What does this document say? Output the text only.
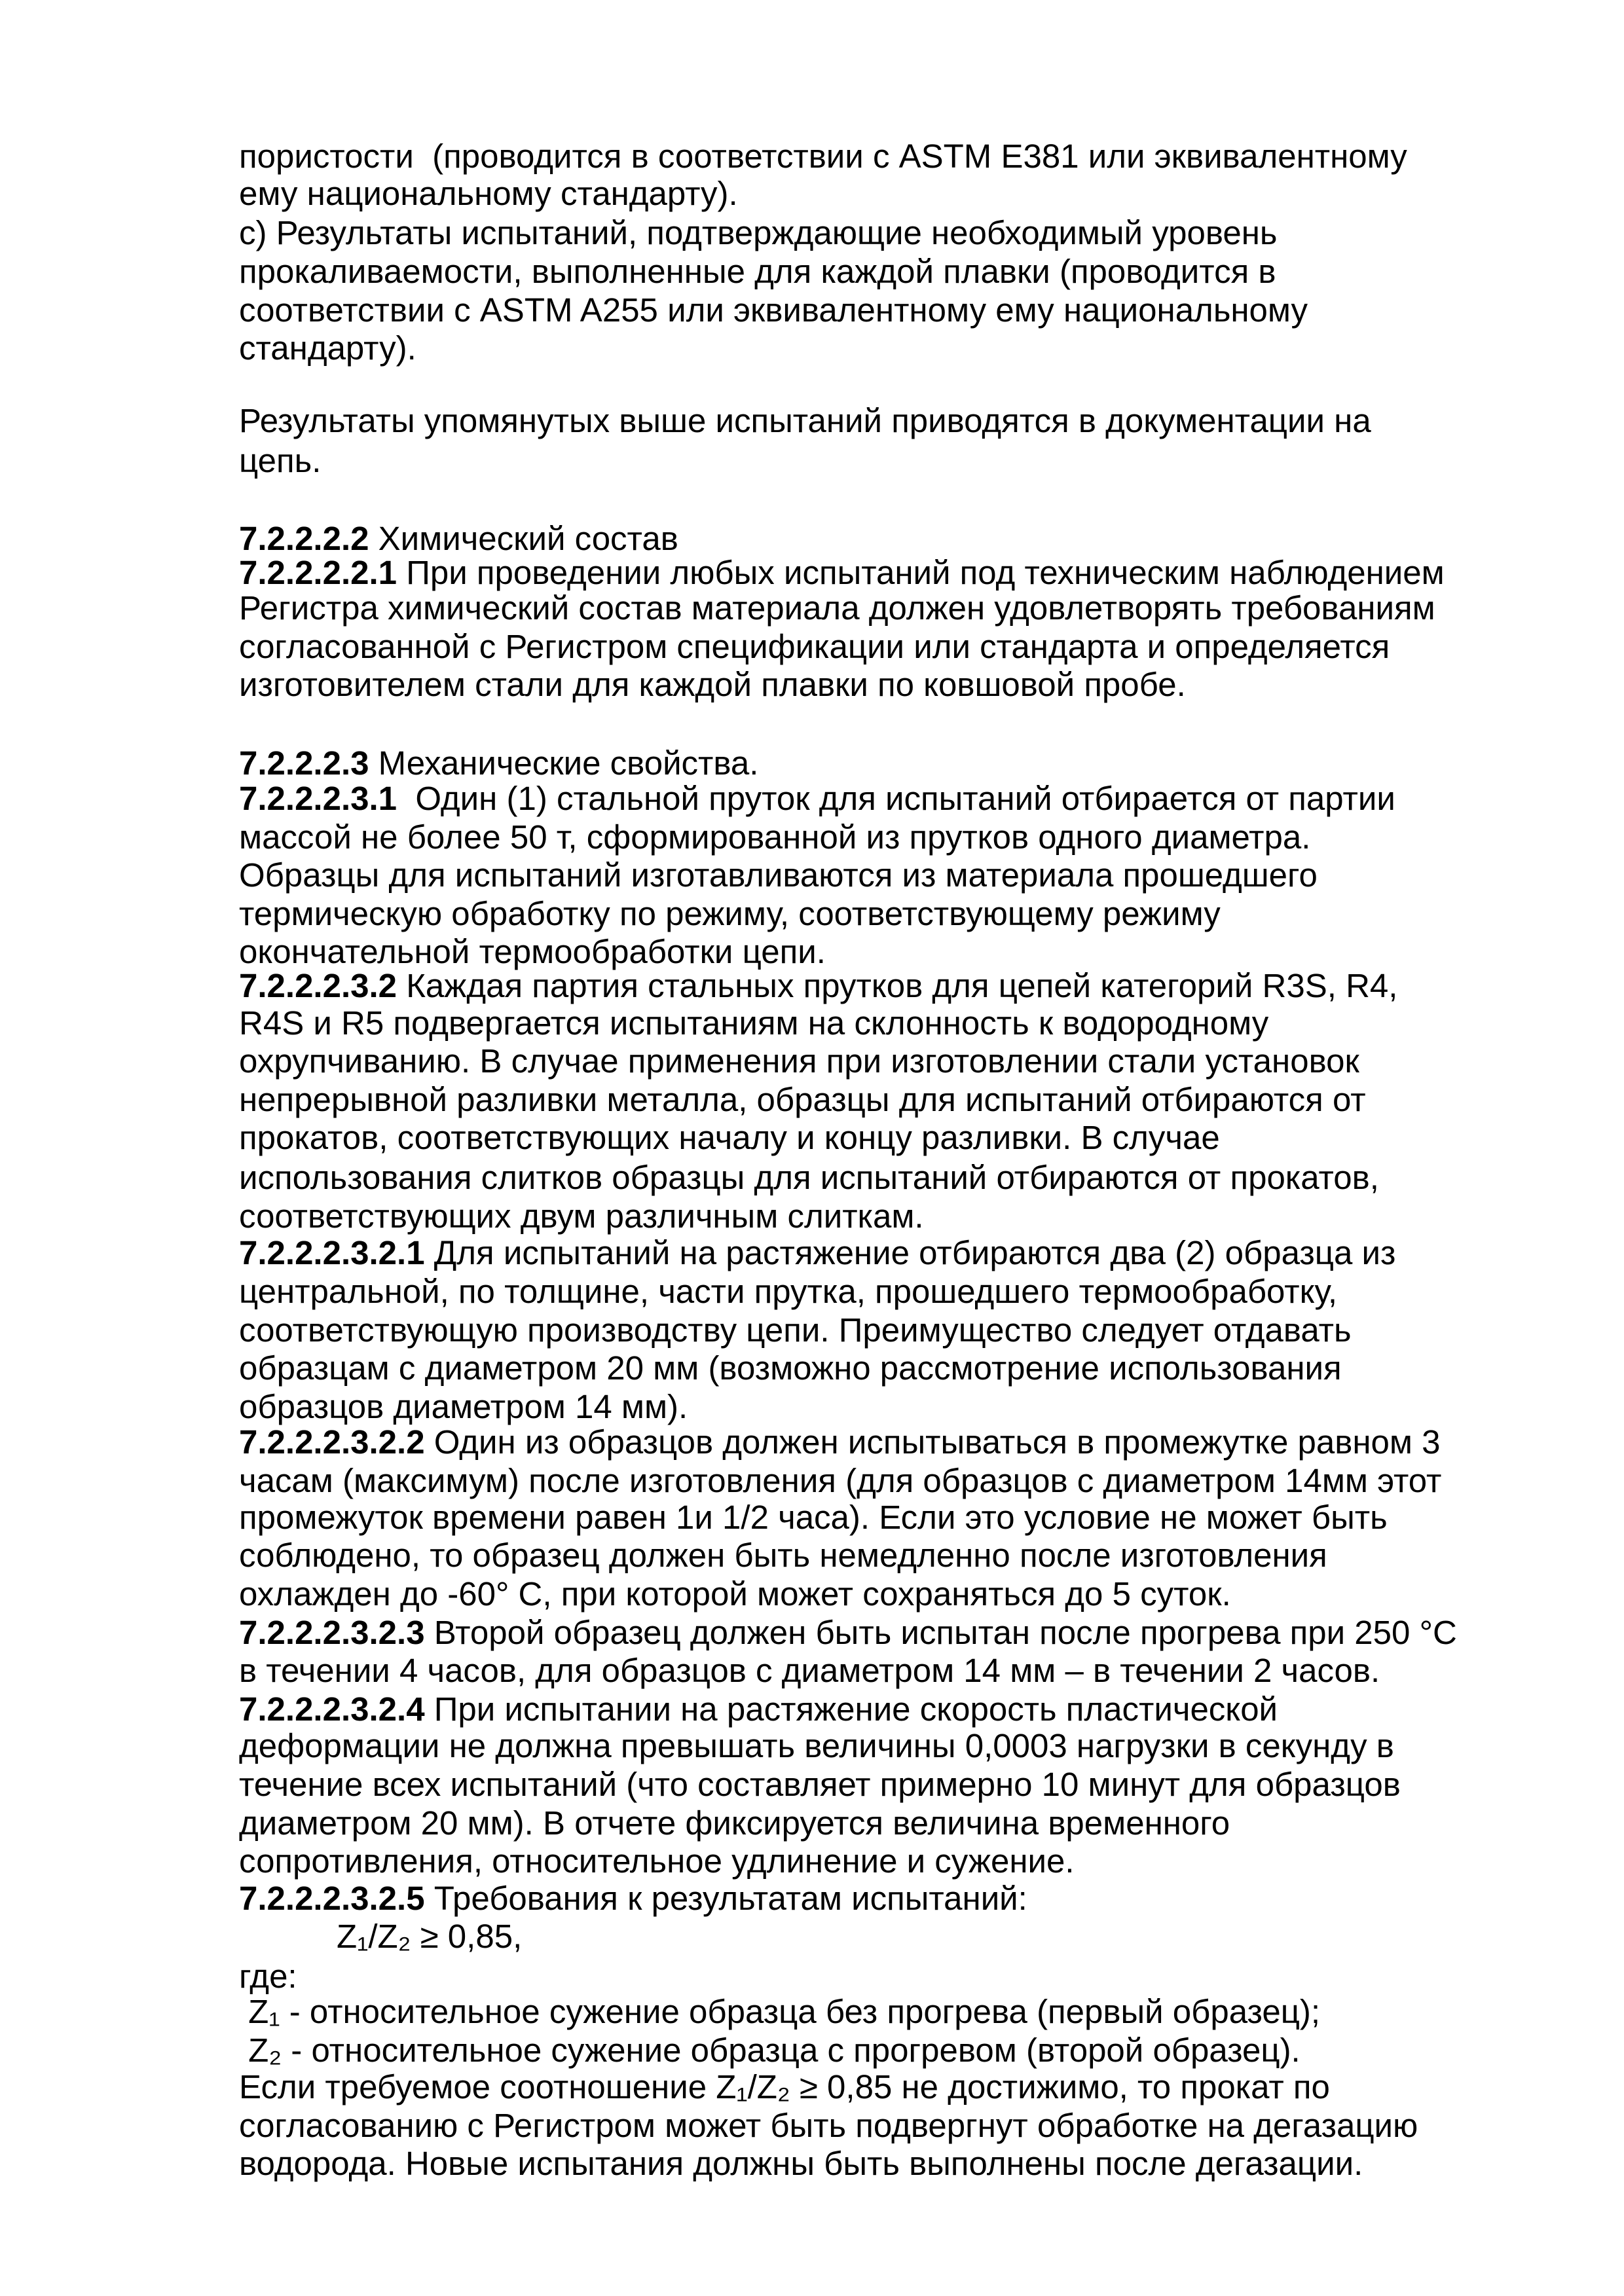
пористости  (проводится в соответствии с ASTM E381 или эквивалентному
ему национальному стандарту).
c) Результаты испытаний, подтверждающие необходимый уровень
прокаливаемости, выполненные для каждой плавки (проводится в
соответствии с ASTM A255 или эквивалентному ему национальному
стандарту).
Результаты упомянутых выше испытаний приводятся в документации на
цепь.
7.2.2.2.2 Химический состав
7.2.2.2.2.1 При проведении любых испытаний под техническим наблюдением
Регистра химический состав материала должен удовлетворять требованиям
согласованной с Регистром спецификации или стандарта и определяется
изготовителем стали для каждой плавки по ковшовой пробе.
7.2.2.2.3 Механические свойства.
7.2.2.2.3.1  Один (1) стальной пруток для испытаний отбирается от партии
массой не более 50 т, сформированной из прутков одного диаметра.
Образцы для испытаний изготавливаются из материала прошедшего
термическую обработку по режиму, соответствующему режиму
окончательной термообработки цепи.
7.2.2.2.3.2 Каждая партия стальных прутков для цепей категорий R3S, R4,
R4S и R5 подвергается испытаниям на склонность к водородному
охрупчиванию. В случае применения при изготовлении стали установок
непрерывной разливки металла, образцы для испытаний отбираются от
прокатов, соответствующих началу и концу разливки. В случае
использования слитков образцы для испытаний отбираются от прокатов,
соответствующих двум различным слиткам.
7.2.2.2.3.2.1 Для испытаний на растяжение отбираются два (2) образца из
центральной, по толщине, части прутка, прошедшего термообработку,
соответствующую производству цепи. Преимущество следует отдавать
образцам с диаметром 20 мм (возможно рассмотрение использования
образцов диаметром 14 мм).
7.2.2.2.3.2.2 Один из образцов должен испытываться в промежутке равном 3
часам (максимум) после изготовления (для образцов с диаметром 14мм этот
промежуток времени равен 1и 1/2 часа). Если это условие не может быть
соблюдено, то образец должен быть немедленно после изготовления
охлажден до -60° С, при которой может сохраняться до 5 суток.
7.2.2.2.3.2.3 Второй образец должен быть испытан после прогрева при 250 °С
в течении 4 часов, для образцов с диаметром 14 мм – в течении 2 часов.
7.2.2.2.3.2.4 При испытании на растяжение скорость пластической
деформации не должна превышать величины 0,0003 нагрузки в секунду в
течение всех испытаний (что составляет примерно 10 минут для образцов
диаметром 20 мм). В отчете фиксируется величина временного
сопротивления, относительное удлинение и сужение.
7.2.2.2.3.2.5 Требования к результатам испытаний:
Z₁/Z₂ ≥ 0,85,
где:
Z₁ - относительное сужение образца без прогрева (первый образец);
Z₂ - относительное сужение образца с прогревом (второй образец).
Если требуемое соотношение Z₁/Z₂ ≥ 0,85 не достижимо, то прокат по
согласованию с Регистром может быть подвергнут обработке на дегазацию
водорода. Новые испытания должны быть выполнены после дегазации.
